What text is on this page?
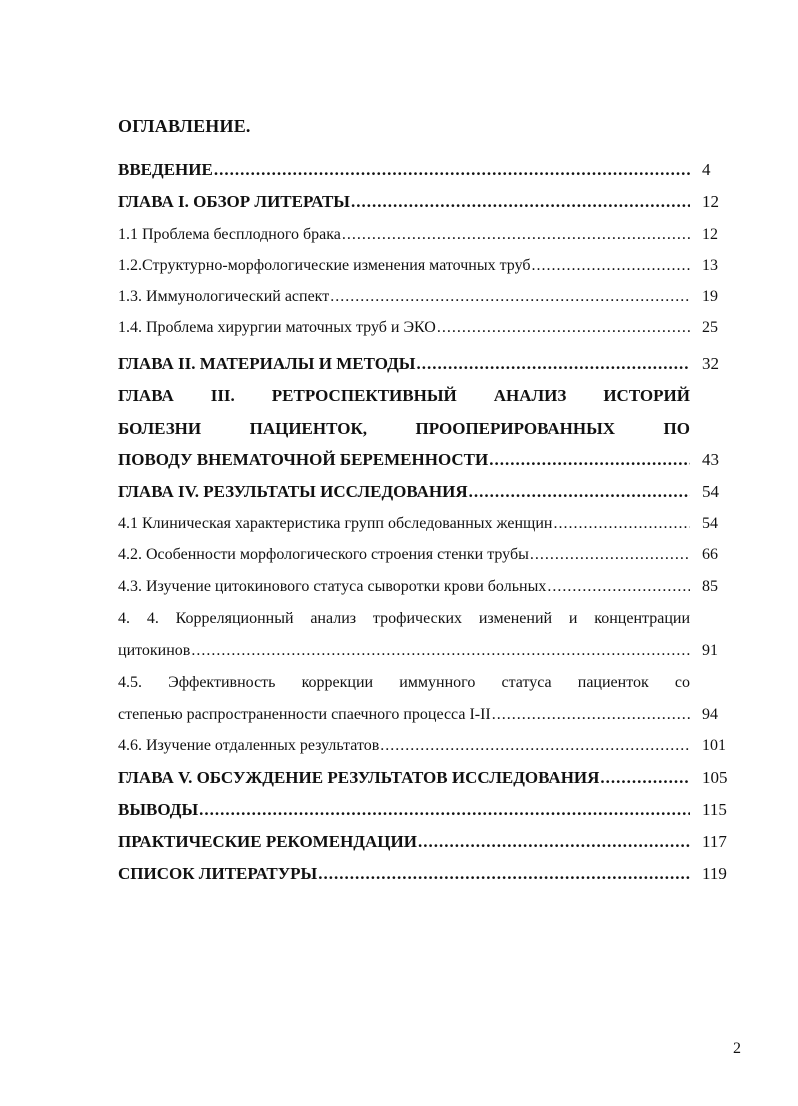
ОГЛАВЛЕНИЕ.
ВВЕДЕНИЕ .....	4
ГЛАВА I. ОБЗОР ЛИТЕРАТЫ .....	12
1.1 Проблема бесплодного брака .....	12
1.2.Структурно-морфологические изменения маточных труб .....	13
1.3. Иммунологический аспект .....	19
1.4. Проблема хирургии маточных труб и ЭКО .....	25
ГЛАВА II. МАТЕРИАЛЫ И МЕТОДЫ .....	32
ГЛАВА III. РЕТРОСПЕКТИВНЫЙ АНАЛИЗ ИСТОРИЙ
БОЛЕЗНИ ПАЦИЕНТОК, ПРООПЕРИРОВАННЫХ ПО
ПОВОДУ ВНЕМАТОЧНОЙ БЕРЕМЕННОСТИ .....	43
ГЛАВА IV. РЕЗУЛЬТАТЫ ИССЛЕДОВАНИЯ .....	54
4.1 Клиническая характеристика групп обследованных женщин .....	54
4.2. Особенности морфологического строения стенки трубы .....	66
4.3. Изучение цитокинового статуса сыворотки крови больных .....	85
4. 4. Корреляционный анализ трофических изменений и концентрации
цитокинов .....	91
4.5. Эффективность коррекции иммунного статуса пациенток со
степенью распространенности спаечного процесса I-II .....	94
4.6. Изучение отдаленных результатов .....	101
ГЛАВА V. ОБСУЖДЕНИЕ РЕЗУЛЬТАТОВ ИССЛЕДОВАНИЯ .....	105
ВЫВОДЫ .....	115
ПРАКТИЧЕСКИЕ РЕКОМЕНДАЦИИ .....	117
СПИСОК ЛИТЕРАТУРЫ .....	119
2
